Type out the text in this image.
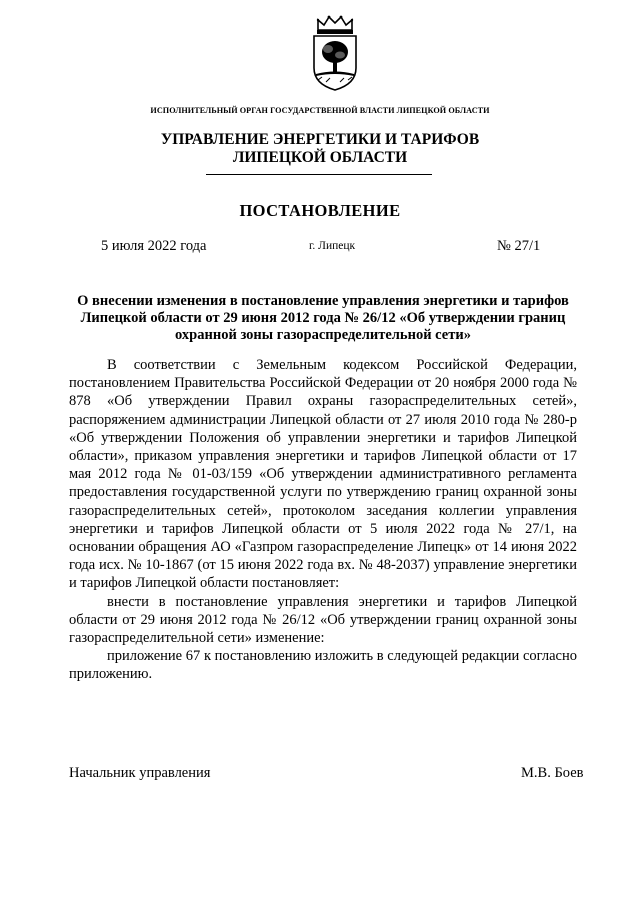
ИСПОЛНИТЕЛЬНЫЙ ОРГАН ГОСУДАРСТВЕННОЙ ВЛАСТИ ЛИПЕЦКОЙ ОБЛАСТИ
УПРАВЛЕНИЕ ЭНЕРГЕТИКИ И ТАРИФОВ
ЛИПЕЦКОЙ ОБЛАСТИ
ПОСТАНОВЛЕНИЕ
5 июля 2022 года	г. Липецк	№ 27/1
О внесении изменения в постановление управления энергетики и тарифов Липецкой области от 29 июня 2012 года № 26/12 «Об утверждении границ охранной зоны газораспределительной сети»

В соответствии с Земельным кодексом Российской Федерации, постановлением Правительства Российской Федерации от 20 ноября 2000 года № 878 «Об утверждении Правил охраны газораспределительных сетей», распоряжением администрации Липецкой области от 27 июля 2010 года № 280-р «Об утверждении Положения об управлении энергетики и тарифов Липецкой области», приказом управления энергетики и тарифов Липецкой области от 17 мая 2012 года № 01-03/159 «Об утверждении административного регламента предоставления государственной услуги по утверждению границ охранной зоны газораспределительных сетей», протоколом заседания коллегии управления энергетики и тарифов Липецкой области от 5 июля 2022 года № 27/1, на основании обращения АО «Газпром газораспределение Липецк» от 14 июня 2022 года исх. № 10-1867 (от 15 июня 2022 года вх. № 48-2037) управление энергетики и тарифов Липецкой области постановляет:

внести в постановление управления энергетики и тарифов Липецкой области от 29 июня 2012 года № 26/12 «Об утверждении границ охранной зоны газораспределительной сети» изменение:

приложение 67 к постановлению изложить в следующей редакции согласно приложению.

Начальник управления	М.В. Боев
